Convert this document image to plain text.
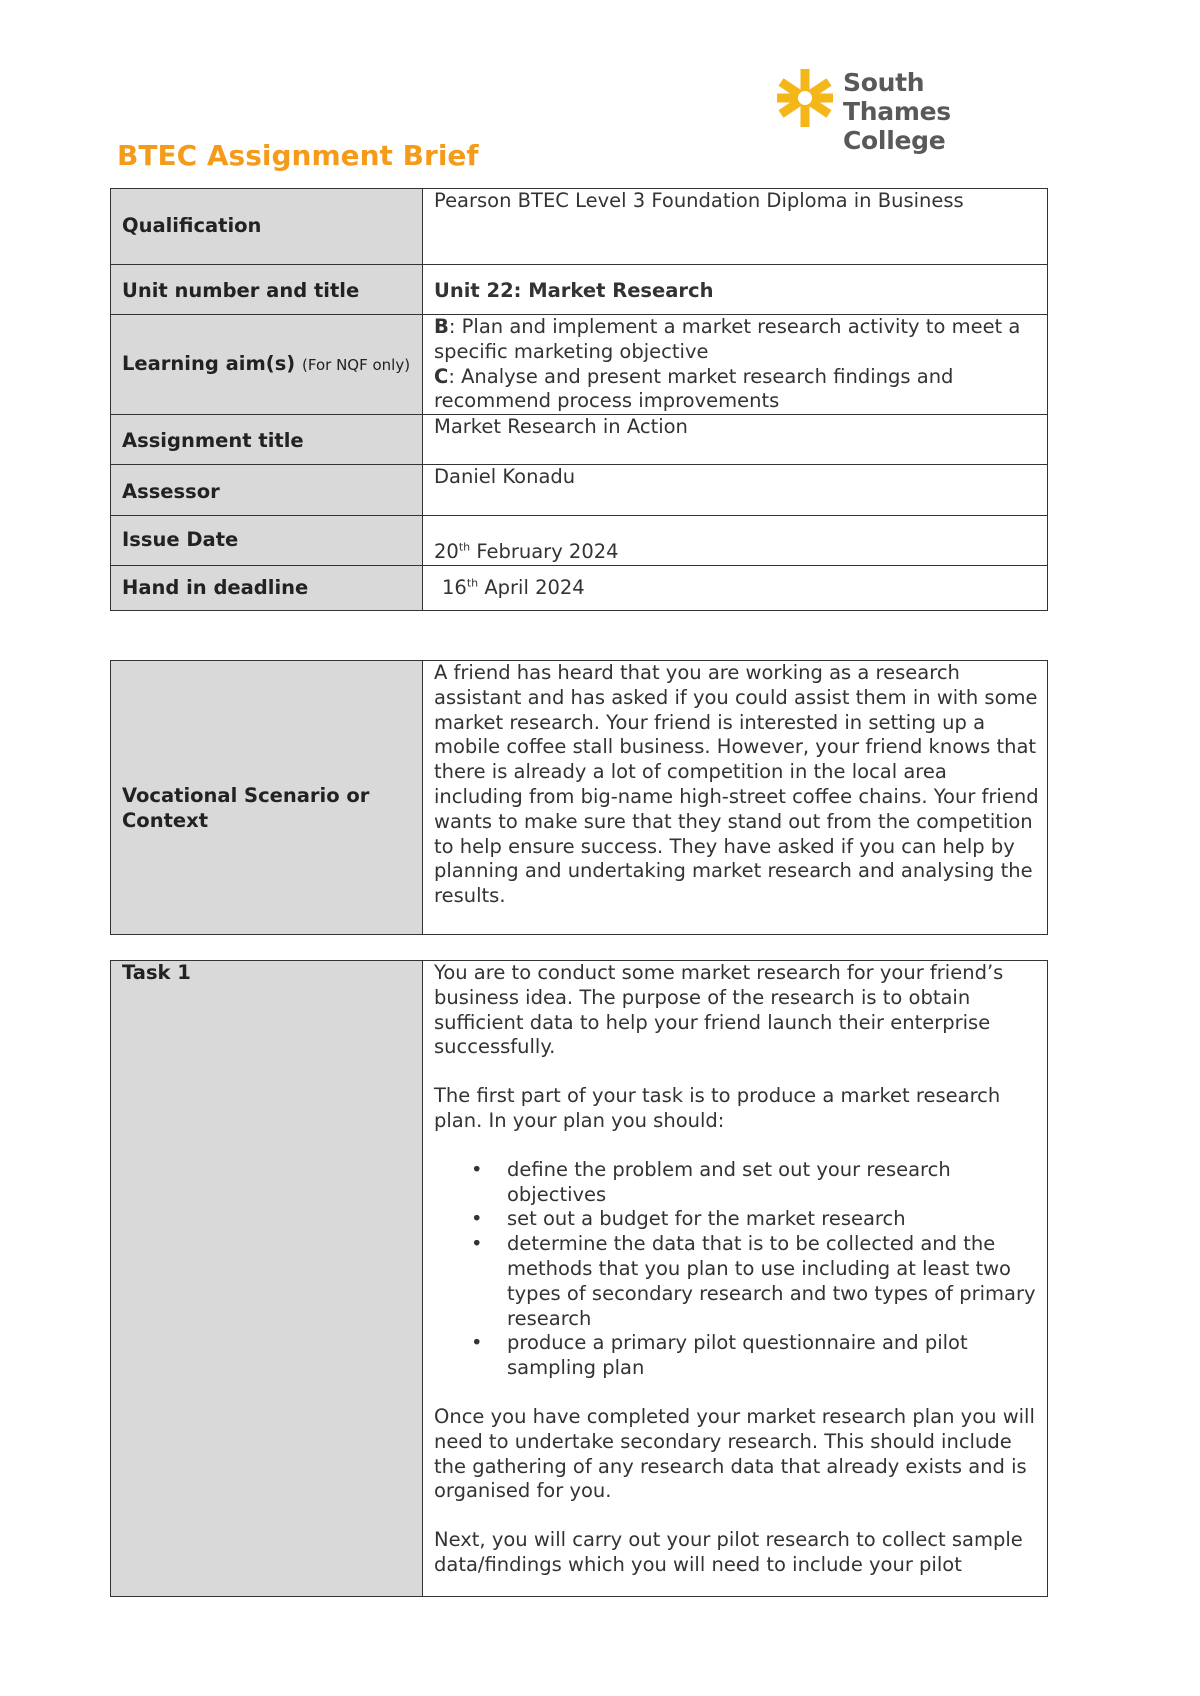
South Thames
College
BTEC Assignment Brief
Qualification	Pearson BTEC Level 3 Foundation Diploma in Business
Unit number and title	Unit 22: Market Research
Learning aim(s) (For NQF only)	B: Plan and implement a market research activity to meet a specific marketing objective
C: Analyse and present market research findings and recommend process improvements

Assignment title	Market Research in Action
Assessor	Daniel Konadu
Issue Date	20th February 2024
Hand in deadline	16th April 2024
Vocational Scenario or Context	A friend has heard that you are working as a research assistant and has asked if you could assist them in with some market research. Your friend is interested in setting up a mobile coffee stall business. However, your friend knows that there is already a lot of competition in the local area including from big-name high-street coffee chains. Your friend wants to make sure that they stand out from the competition to help ensure success. They have asked if you can help by planning and undertaking market research and analysing the results.
Task 1	You are to conduct some market research for your friend’s business idea. The purpose of the research is to obtain sufficient data to help your friend launch their enterprise successfully.

The first part of your task is to produce a market research plan. In your plan you should:

• define the problem and set out your research objectives
• set out a budget for the market research
• determine the data that is to be collected and the methods that you plan to use including at least two types of secondary research and two types of primary research
• produce a primary pilot questionnaire and pilot sampling plan

Once you have completed your market research plan you will need to undertake secondary research. This should include the gathering of any research data that already exists and is organised for you.

Next, you will carry out your pilot research to collect sample data/findings which you will need to include your pilot
